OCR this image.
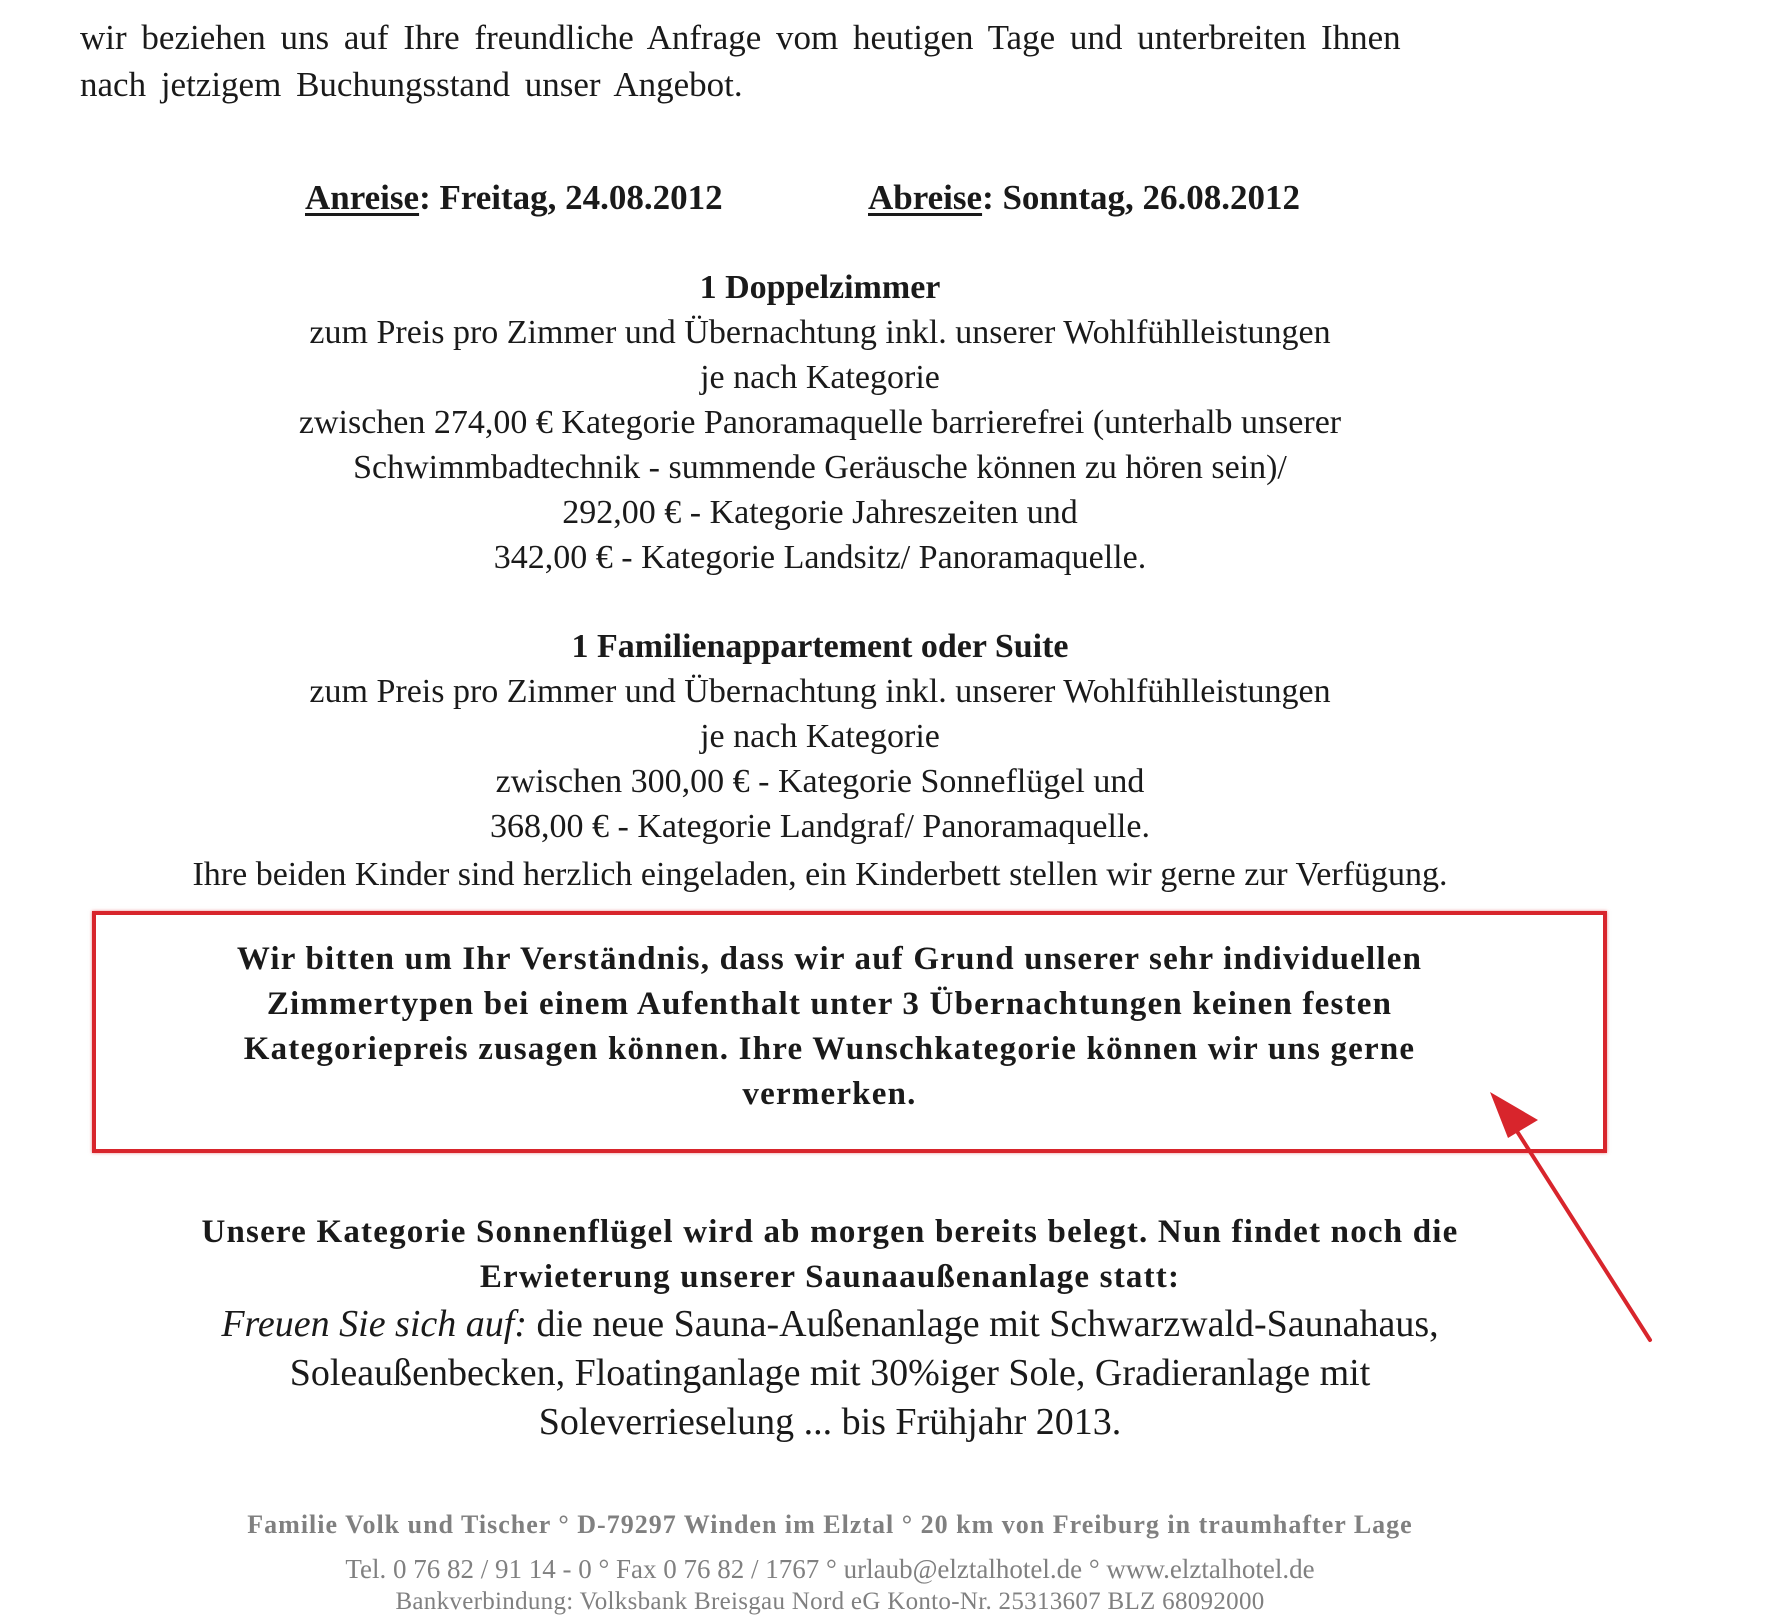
wir beziehen uns auf Ihre freundliche Anfrage vom heutigen Tage und unterbreiten Ihnen

nach jetzigem Buchungsstand unser Angebot.

Anreise: Freitag, 24.08.2012	Abreise: Sonntag, 26.08.2012
1 Doppelzimmer
zum Preis pro Zimmer und Übernachtung inkl. unserer Wohlfühlleistungen
je nach Kategorie
zwischen 274,00 € Kategorie Panoramaquelle barrierefrei (unterhalb unserer
Schwimmbadtechnik - summende Geräusche können zu hören sein)/
292,00 € - Kategorie Jahreszeiten und
342,00 € - Kategorie Landsitz/ Panoramaquelle.
1 Familienappartement oder Suite
zum Preis pro Zimmer und Übernachtung inkl. unserer Wohlfühlleistungen
je nach Kategorie
zwischen 300,00 € - Kategorie Sonneflügel und
368,00 € - Kategorie Landgraf/ Panoramaquelle.
Ihre beiden Kinder sind herzlich eingeladen, ein Kinderbett stellen wir gerne zur Verfügung.
Wir bitten um Ihr Verständnis, dass wir auf Grund unserer sehr individuellen
Zimmertypen bei einem Aufenthalt unter 3 Übernachtungen keinen festen
Kategoriepreis zusagen können. Ihre Wunschkategorie können wir uns gerne
vermerken.
Unsere Kategorie Sonnenflügel wird ab morgen bereits belegt. Nun findet noch die
Erwieterung unserer Saunaaußenanlage statt:
Freuen Sie sich auf: die neue Sauna-Außenanlage mit Schwarzwald-Saunahaus,
Soleaußenbecken, Floatinganlage mit 30%iger Sole, Gradieranlage mit
Soleverrieselung ... bis Frühjahr 2013.
Familie Volk und Tischer ° D-79297 Winden im Elztal ° 20 km von Freiburg in traumhafter Lage
Tel. 0 76 82 / 91 14 - 0 ° Fax 0 76 82 / 1767 ° urlaub@elztalhotel.de ° www.elztalhotel.de
Bankverbindung: Volksbank Breisgau Nord eG Konto-Nr. 25313607 BLZ 68092000
